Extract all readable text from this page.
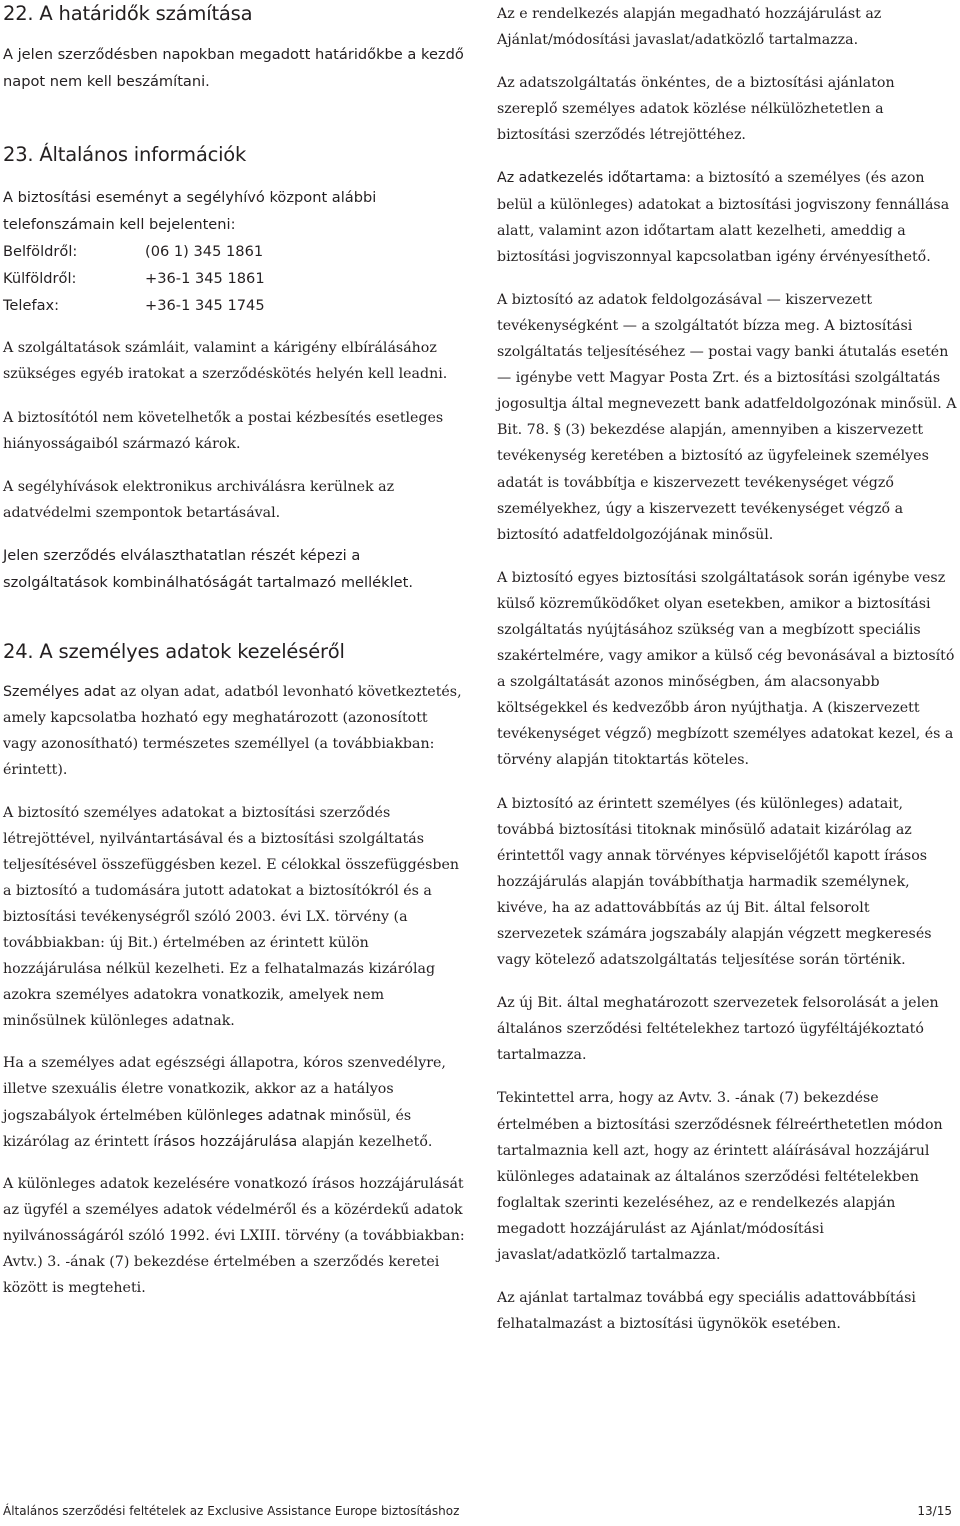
22. A határidők számítása

A jelen szerződésben napokban megadott határidőkbe a kezdő napot nem kell beszámítani.

23. Általános információk

A biztosítási eseményt a segélyhívó központ alábbi telefonszámain kell bejelenteni:

Belföldről:	(06 1) 345 1861
Külföldről:	+36-1 345 1861
Telefax:	+36-1 345 1745

A szolgáltatások számláit, valamint a kárigény elbírálásához szükséges egyéb iratokat a szerződéskötés helyén kell leadni.

A biztosítótól nem követelhetők a postai kézbesítés esetleges hiányosságaiból származó károk.

A segélyhívások elektronikus archiválásra kerülnek az adatvédelmi szempontok betartásával.

Jelen szerződés elválaszthatatlan részét képezi a szolgáltatások kombinálhatóságát tartalmazó melléklet.

24. A személyes adatok kezeléséről

Személyes adat az olyan adat, adatból levonható következtetés, amely kapcsolatba hozható egy meghatározott (azonosított vagy azonosítható) természetes személlyel (a továbbiakban: érintett).

A biztosító személyes adatokat a biztosítási szerződés létrejöttével, nyilvántartásával és a biztosítási szolgáltatás teljesítésével összefüggésben kezel. E célokkal összefüggésben a biztosító a tudomására jutott adatokat a biztosítókról és a biztosítási tevékenységről szóló 2003. évi LX. törvény (a továbbiakban: új Bit.) értelmében az érintett külön hozzájárulása nélkül kezelheti. Ez a felhatalmazás kizárólag azokra személyes adatokra vonatkozik, amelyek nem minősülnek különleges adatnak.

Ha a személyes adat egészségi állapotra, kóros szenvedélyre, illetve szexuális életre vonatkozik, akkor az a hatályos jogszabályok értelmében különleges adatnak minősül, és kizárólag az érintett írásos hozzájárulása alapján kezelhető.

A különleges adatok kezelésére vonatkozó írásos hozzájárulását az ügyfél a személyes adatok védelméről és a közérdekű adatok nyilvánosságáról szóló 1992. évi LXIII. törvény (a továbbiakban: Avtv.) 3. -ának (7) bekezdése értelmében a szerződés keretei között is megteheti.

Az e rendelkezés alapján megadható hozzájárulást az Ajánlat/módosítási javaslat/adatközlő tartalmazza.

Az adatszolgáltatás önkéntes, de a biztosítási ajánlaton szereplő személyes adatok közlése nélkülözhetetlen a biztosítási szerződés létrejöttéhez.

Az adatkezelés időtartama: a biztosító a személyes (és azon belül a különleges) adatokat a biztosítási jogviszony fennállása alatt, valamint azon időtartam alatt kezelheti, ameddig a biztosítási jogviszonnyal kapcsolatban igény érvényesíthető.

A biztosító az adatok feldolgozásával — kiszervezett tevékenységként — a szolgáltatót bízza meg. A biztosítási szolgáltatás teljesítéséhez — postai vagy banki átutalás esetén — igénybe vett Magyar Posta Zrt. és a biztosítási szolgáltatás jogosultja által megnevezett bank adatfeldolgozónak minősül. A Bit. 78. § (3) bekezdése alapján, amennyiben a kiszervezett tevékenység keretében a biztosító az ügyfeleinek személyes adatát is továbbítja e kiszervezett tevékenységet végző személyekhez, úgy a kiszervezett tevékenységet végző a biztosító adatfeldolgozójának minősül.

A biztosító egyes biztosítási szolgáltatások során igénybe vesz külső közreműködőket olyan esetekben, amikor a biztosítási szolgáltatás nyújtásához szükség van a megbízott speciális szakértelmére, vagy amikor a külső cég bevonásával a biztosító a szolgáltatását azonos minőségben, ám alacsonyabb költségekkel és kedvezőbb áron nyújthatja. A (kiszervezett tevékenységet végző) megbízott személyes adatokat kezel, és a törvény alapján titoktartás köteles.

A biztosító az érintett személyes (és különleges) adatait, továbbá biztosítási titoknak minősülő adatait kizárólag az érintettől vagy annak törvényes képviselőjétől kapott írásos hozzájárulás alapján továbbíthatja harmadik személynek, kivéve, ha az adattovábbítás az új Bit. által felsorolt szervezetek számára jogszabály alapján végzett megkeresés vagy kötelező adatszolgáltatás teljesítése során történik.

Az új Bit. által meghatározott szervezetek felsorolását a jelen általános szerződési feltételekhez tartozó ügyféltájékoztató tartalmazza.

Tekintettel arra, hogy az Avtv. 3. -ának (7) bekezdése értelmében a biztosítási szerződésnek félreérthetetlen módon tartalmaznia kell azt, hogy az érintett aláírásával hozzájárul különleges adatainak az általános szerződési feltételekben foglaltak szerinti kezeléséhez, az e rendelkezés alapján megadott hozzájárulást az Ajánlat/módosítási javaslat/adatközlő tartalmazza.

Az ajánlat tartalmaz továbbá egy speciális adattovábbítási felhatalmazást a biztosítási ügynökök esetében.

Általános szerződési feltételek az Exclusive Assistance Europe biztosításhoz	13/15
